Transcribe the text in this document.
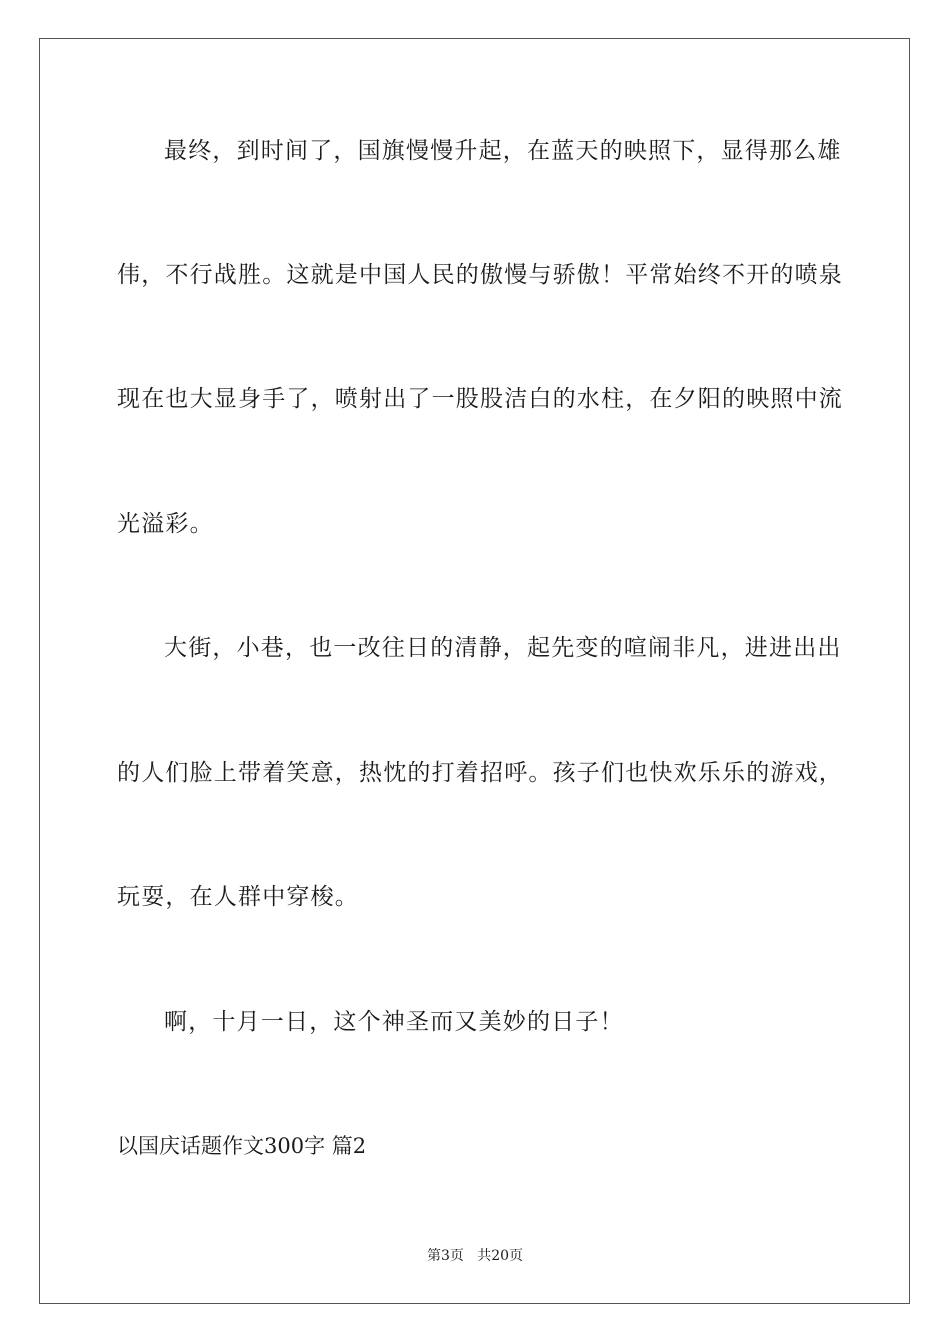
最终，到时间了，国旗慢慢升起，在蓝天的映照下，显得那么雄
伟，不行战胜。这就是中国人民的傲慢与骄傲！平常始终不开的喷泉
现在也大显身手了，喷射出了一股股洁白的水柱，在夕阳的映照中流
光溢彩。
大街，小巷，也一改往日的清静，起先变的喧闹非凡，进进出出
的人们脸上带着笑意，热忱的打着招呼。孩子们也快欢乐乐的游戏，
玩耍，在人群中穿梭。
啊，十月一日，这个神圣而又美妙的日子！
以国庆话题作文300字 篇2
第3页   共20页
